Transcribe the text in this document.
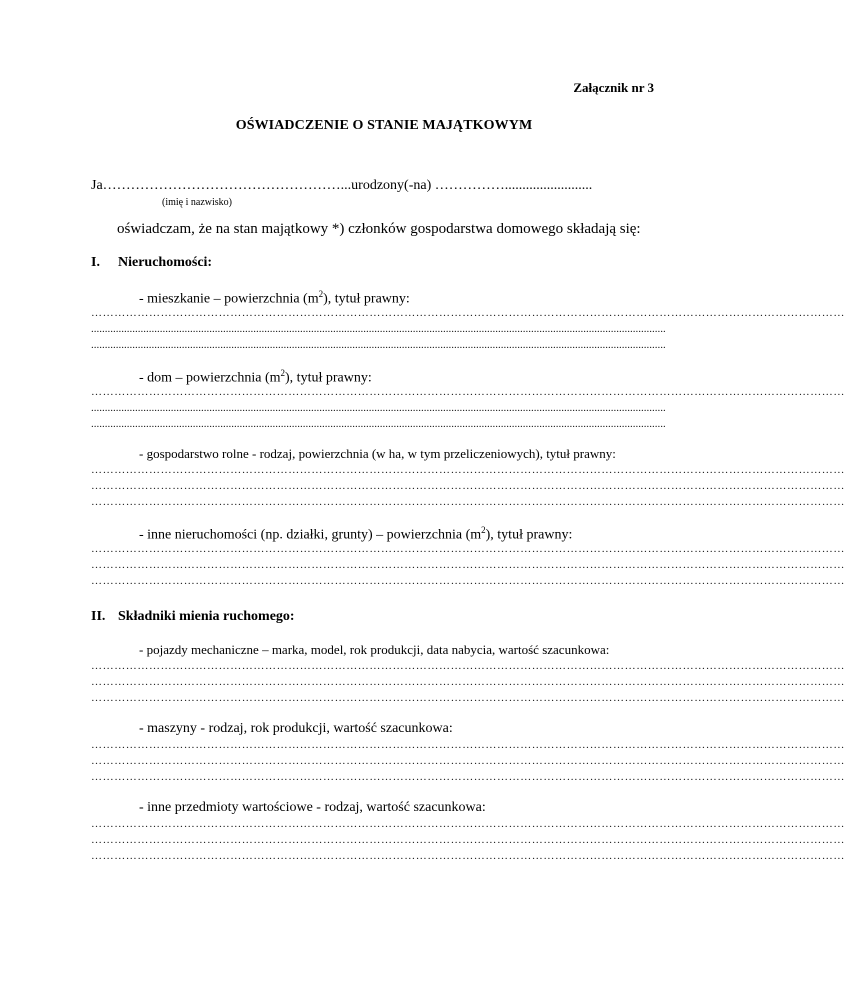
Załącznik nr 3
OŚWIADCZENIE O STANIE MAJĄTKOWYM
Ja……………………………………………...urodzony(-na) …………….........................
(imię i nazwisko)
oświadczam, że na stan majątkowy *) członków gospodarstwa domowego składają się:
I. Nieruchomości:
- mieszkanie – powierzchnia $(m^2)$, tytuł prawny:
……………………………………………………………………………………………………………………………………………………………………………
.................................................................................................................................................................................................................
.................................................................................................................................................................................................................
- dom – powierzchnia $(m^2)$, tytuł prawny:
……………………………………………………………………………………………………………………………………………………………………………
.................................................................................................................................................................................................................
.................................................................................................................................................................................................................
- gospodarstwo rolne - rodzaj, powierzchnia (w ha, w tym przeliczeniowych), tytuł prawny:
……………………………………………………………………………………………………………………………………………………………………………
……………………………………………………………………………………………………………………………………………………………………………
……………………………………………………………………………………………………………………………………………………………………………
- inne nieruchomości (np. działki, grunty) – powierzchnia $(m^2)$, tytuł prawny:
……………………………………………………………………………………………………………………………………………………………………………
……………………………………………………………………………………………………………………………………………………………………………
……………………………………………………………………………………………………………………………………………………………………………
II. Składniki mienia ruchomego:
- pojazdy mechaniczne – marka, model, rok produkcji, data nabycia, wartość szacunkowa:
……………………………………………………………………………………………………………………………………………………………………………
……………………………………………………………………………………………………………………………………………………………………………
……………………………………………………………………………………………………………………………………………………………………………
- maszyny - rodzaj, rok produkcji, wartość szacunkowa:
……………………………………………………………………………………………………………………………………………………………………………
……………………………………………………………………………………………………………………………………………………………………………
……………………………………………………………………………………………………………………………………………………………………………
- inne przedmioty wartościowe - rodzaj, wartość szacunkowa:
……………………………………………………………………………………………………………………………………………………………………………
……………………………………………………………………………………………………………………………………………………………………………
……………………………………………………………………………………………………………………………………………………………………………
